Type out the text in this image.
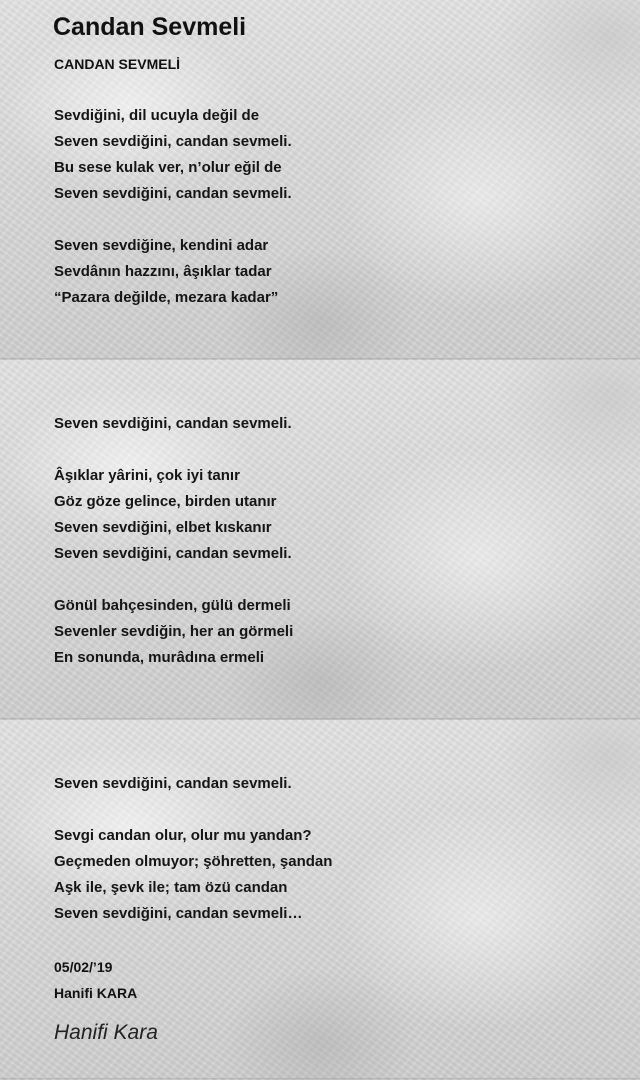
Candan Sevmeli
CANDAN SEVMELİ
Sevdiğini, dil ucuyla değil de
Seven sevdiğini, candan sevmeli.
Bu sese kulak ver, n’olur eğil de
Seven sevdiğini, candan sevmeli.
Seven sevdiğine, kendini adar
Sevdânın hazzını, âşıklar tadar
“Pazara değilde, mezara kadar”
Seven sevdiğini, candan sevmeli.
Âşıklar yârini, çok iyi tanır
Göz göze gelince, birden utanır
Seven sevdiğini, elbet kıskanır
Seven sevdiğini, candan sevmeli.
Gönül bahçesinden, gülü dermeli
Sevenler sevdiğin, her an görmeli
En sonunda, murâdına ermeli
Seven sevdiğini, candan sevmeli.
Sevgi candan olur, olur mu yandan?
Geçmeden olmuyor; şöhretten, şandan
Aşk ile, şevk ile; tam özü candan
Seven sevdiğini, candan sevmeli…
05/02/’19
Hanifi KARA
Hanifi Kara
